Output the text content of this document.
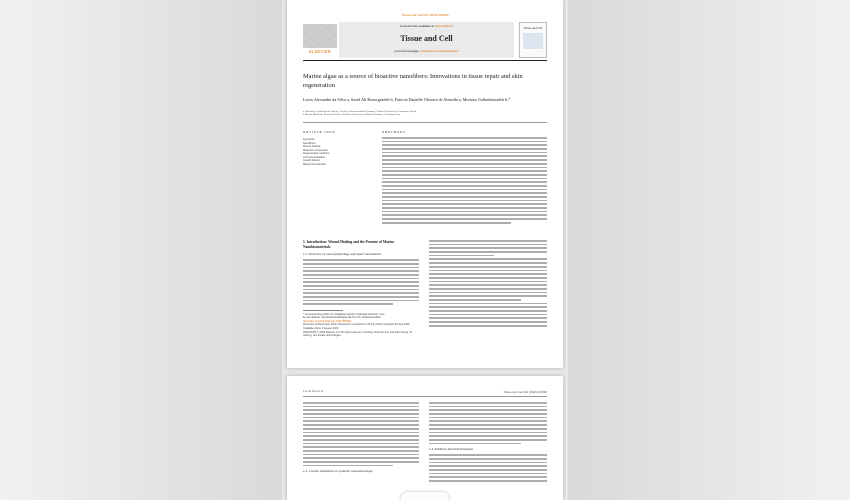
Tissue and Cell 104 (2020) 000000
ELSEVIER
Contents lists available at ScienceDirect
Tissue and Cell
journal homepage: www.elsevier.com/locate/tice
Tissue and Cell
Marine algae as a source of bioactive nanofibers: Innovations in tissue repair and skin regeneration
Lucas Alexandre da Silva a, Saeid Ali Bozorgzadeh b, Patricia Danielle Oliveira de Almeida a, Morteza Golbashirzadeh b,*
a Laboratory of Biological Activity, Faculty of Pharmaceutical Sciences, Federal University of Amazonas, Brazil
b Marine Medicines Research Center, Chabahar University of Medical Sciences, Chabahar, Iran
ARTICLE INFO	ABSTRACT
Keywords:
Nanofibers
Wound healing
Bioactive compounds
Regenerative medicine
Immunomodulation
Growth factors
Marine biomaterials
1. Introduction: Wound Healing and the Promise of Marine Nanobiomaterials
1.1. Overview of wound physiology and repair mechanisms
* Corresponding author at: Chabahar Faculty of Medical Sciences, Iran.
E-mail address: M.golbashirzadeh@gmail.com (M. Golbashirzadeh).
https://doi.org/10.1016/j.tice.2020.000000
Received 13 December 2019; Received in revised form 29 July 2020; Accepted 29 July 2020
Available online 2 August 2020
0040-8166/ © 2020 Elsevier Ltd. All rights reserved, including those for text and data mining, AI training, and similar technologies.
L.A. da Silva et al.	Tissue and Cell 104 (2020) 000000
1.2. Current limitations in synthetic wound dressings
1.4. Evidence-based development
